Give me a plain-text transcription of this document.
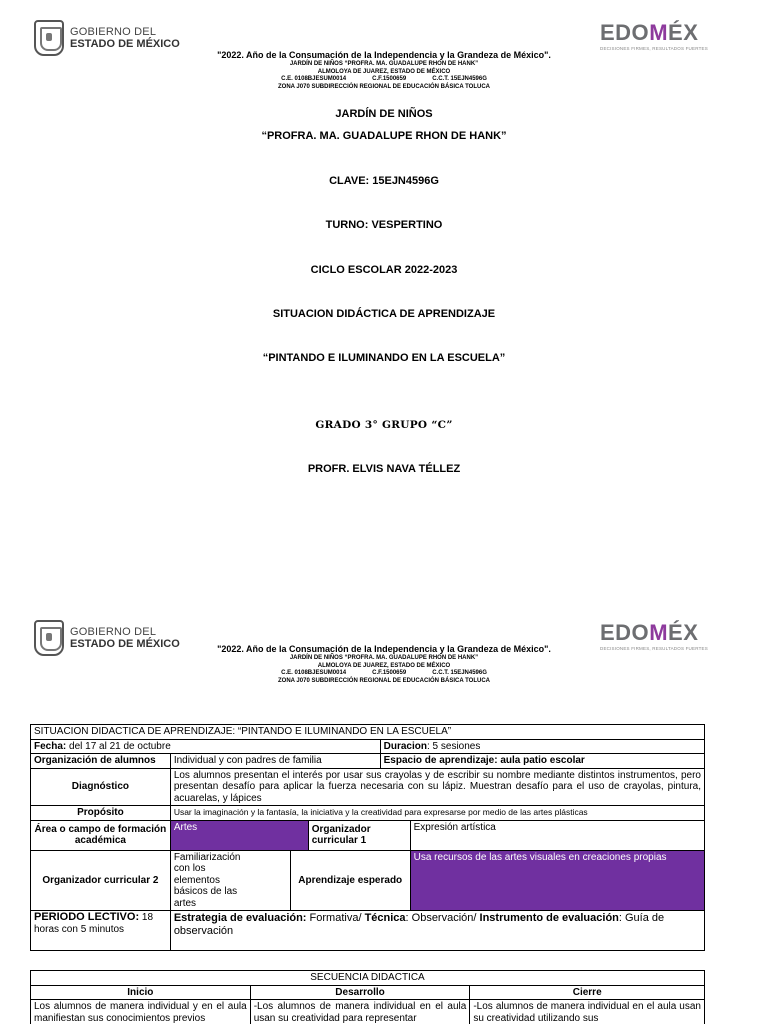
GOBIERNO DEL
ESTADO DE MÉXICO	EDOMÉX
DECISIONES FIRMES, RESULTADOS FUERTES
"2022. Año de la Consumación de la Independencia y la Grandeza de México".
JARDÍN DE NIÑOS “PROFRA. MA. GUADALUPE RHON DE HANK”
ALMOLOYA DE JUAREZ, ESTADO DE MÉXICO
C.E. 0108BJESUM0014	C.F.1500659	C.C.T. 15EJN4596G
ZONA J070 SUBDIRECCIÓN REGIONAL DE EDUCACIÓN BÁSICA TOLUCA
JARDÍN DE NIÑOS
“PROFRA. MA. GUADALUPE RHON DE HANK”
CLAVE: 15EJN4596G
TURNO: VESPERTINO
CICLO ESCOLAR 2022-2023
SITUACION DIDÁCTICA DE APRENDIZAJE
“PINTANDO E ILUMINANDO EN LA ESCUELA”
GRADO 3° GRUPO “C”
PROFR. ELVIS NAVA TÉLLEZ
GOBIERNO DEL
ESTADO DE MÉXICO	EDOMÉX
DECISIONES FIRMES, RESULTADOS FUERTES
"2022. Año de la Consumación de la Independencia y la Grandeza de México".
JARDÍN DE NIÑOS “PROFRA. MA. GUADALUPE RHON DE HANK”
ALMOLOYA DE JUAREZ, ESTADO DE MÉXICO
C.E. 0108BJESUM0014	C.F.1500659	C.C.T. 15EJN4596G
ZONA J070 SUBDIRECCIÓN REGIONAL DE EDUCACIÓN BÁSICA TOLUCA
SITUACION DIDACTICA DE APRENDIZAJE: “PINTANDO E ILUMINANDO EN LA ESCUELA”					
Fecha: del 17 al 21 de octubre				Duracion: 5 sesiones	
Organización de alumnos	Individual y con padres de familia			Espacio de aprendizaje: aula patio escolar	
Diagnóstico	Los alumnos presentan el interés por usar sus crayolas y de escribir su nombre mediante distintos instrumentos, pero presentan desafío para aplicar la fuerza necesaria con su lápiz. Muestran desafío para el uso de crayolas, pintura, acuarelas, y lápices				
Propósito	Usar la imaginación y la fantasía, la iniciativa y la creatividad para expresarse por medio de las artes plásticas				
Área o campo de formación académica	Artes		Organizador curricular 1		Expresión artística
Organizador curricular 2	Familiarización con los elementos básicos de las artes	Aprendizaje esperado			Usa recursos de las artes visuales en creaciones propias
PERIODO LECTIVO: 18 horas con 5 minutos	Estrategia de evaluación: Formativa/ Técnica: Observación/ Instrumento de evaluación: Guía de observación				
SECUENCIA DIDACTICA		
Inicio	Desarrollo	Cierre
Los alumnos de manera individual y en el aula manifiestan sus conocimientos previos	-Los alumnos de manera individual en el aula usan su creatividad para representar	-Los alumnos de manera individual en el aula usan su creatividad utilizando sus
